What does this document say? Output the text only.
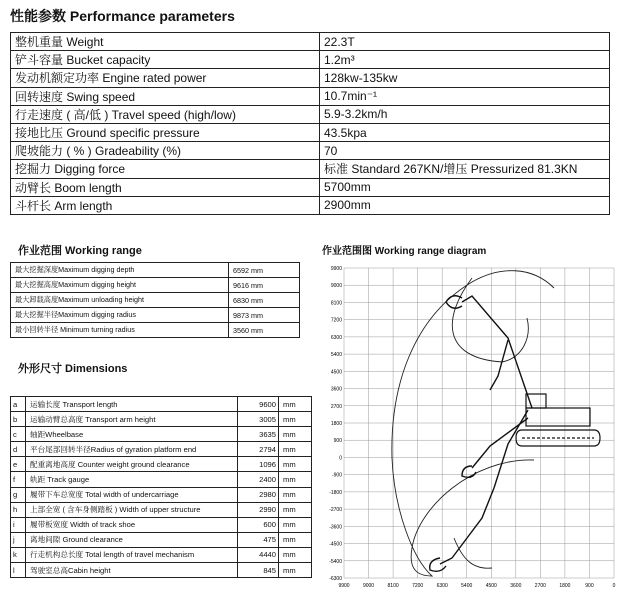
性能参数 Performance parameters
整机重量 Weight	22.3T
铲斗容量 Bucket capacity	1.2m³
发动机额定功率 Engine rated power	128kw-135kw
回转速度 Swing speed	10.7min⁻¹
行走速度 ( 高/低 ) Travel speed (high/low)	5.9-3.2km/h
接地比压 Ground specific pressure	43.5kpa
爬坡能力 ( % ) Gradeability (%)	70
挖掘力 Digging force	标准 Standard 267KN/增压 Pressurized 81.3KN
动臂长 Boom length	5700mm
斗杆长 Arm length	2900mm
作业范围 Working range
最大挖掘深度Maximum digging depth	6592 mm
最大挖掘高度Maximum digging height	9616 mm
最大卸载高度Maximum unloading height	6830 mm
最大挖掘半径Maximum digging radius	9873 mm
最小回转半径 Minimum turning radius	3560 mm
外形尺寸 Dimensions
a	运输长度 Transport length	9600	mm
b	运输动臂总高度 Transport arm height	3005	mm
c	轴距Wheelbase	3635	mm
d	平台尾部回转半径Radius of gyration platform end	2794	mm
e	配重离地高度 Counter weight ground clearance	1096	mm
f	轨距 Track gauge	2400	mm
g	履带下车总宽度 Total width of undercarriage	2980	mm
h	上部全宽 ( 含车身侧踏板 ) Width of upper structure	2990	mm
i	履带板宽度 Width of track shoe	600	mm
j	离地间隙 Ground clearance	475	mm
k	行走机构总长度 Total length of travel mechanism	4440	mm
l	驾驶室总高Cabin height	845	mm
作业范围图 Working range diagram
9900
9000
8100
7200
6300
5400
4500
3600
2700
1800
900
0
-900
-1800
-2700
-3600
-4500
-5400
-6300
9900	9000	8100	7200	6300	5400	4500	3600	2700	1800	900	0
